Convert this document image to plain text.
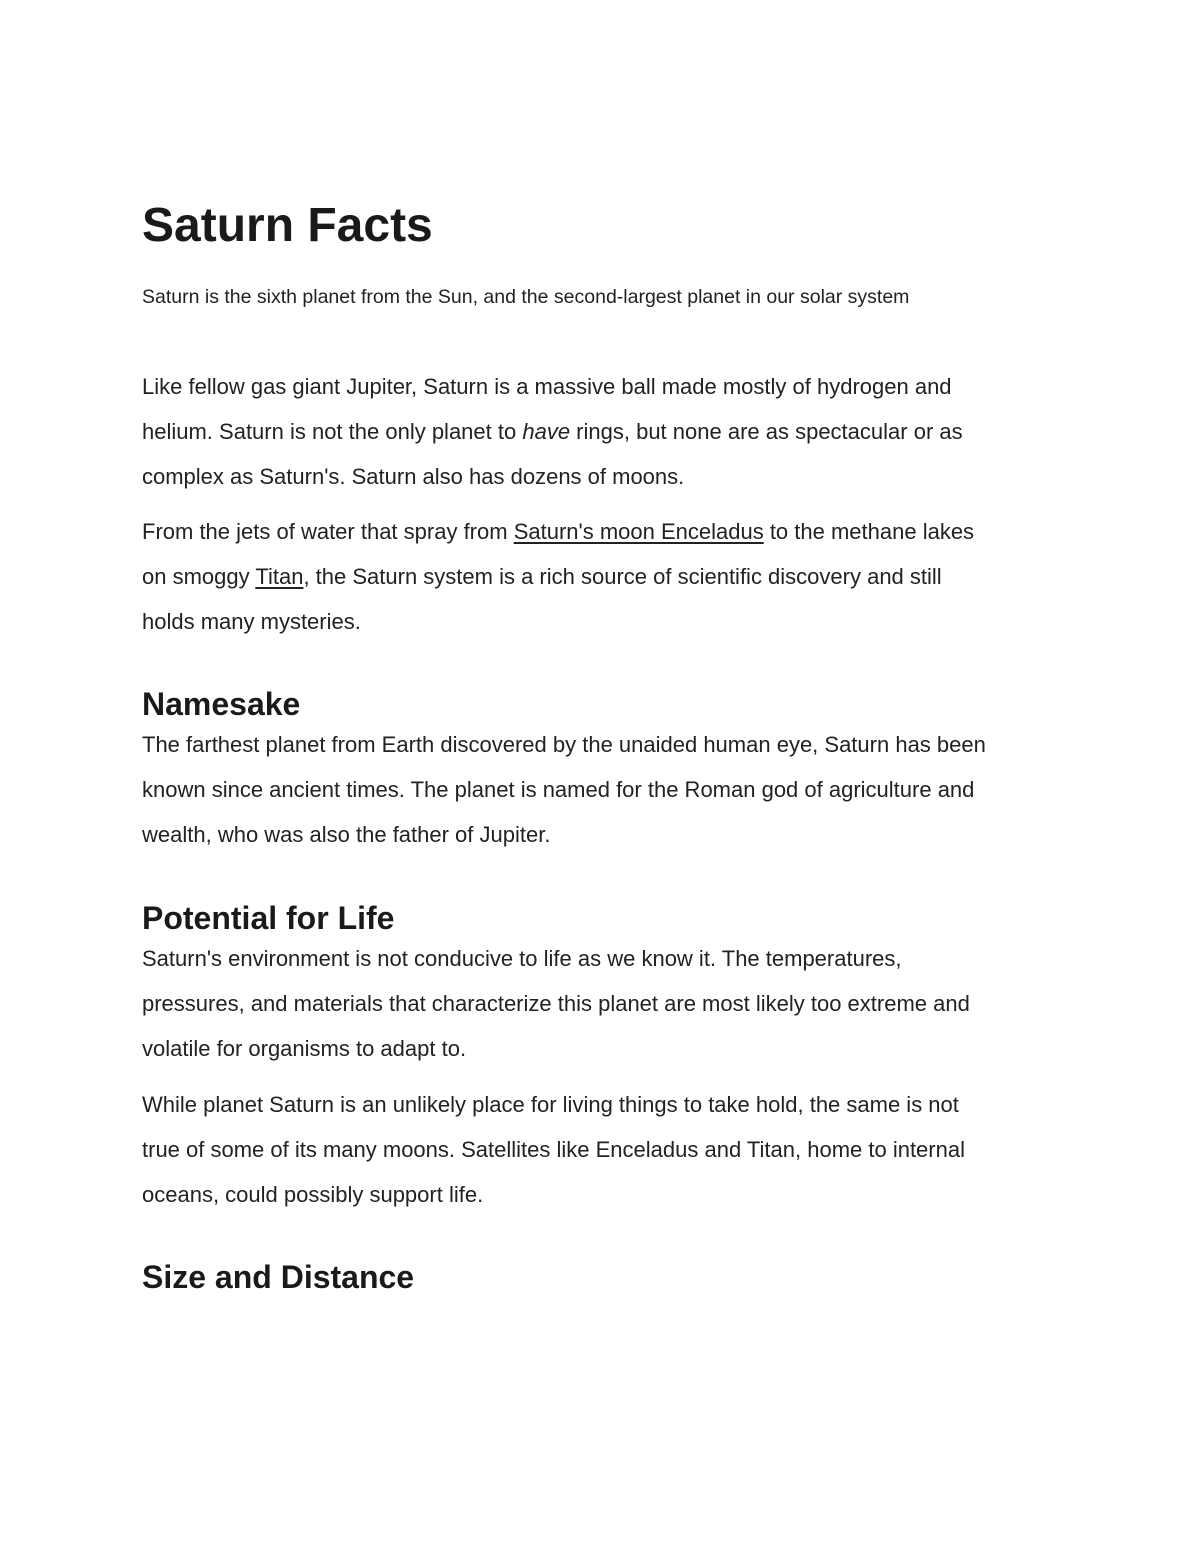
Saturn Facts

Saturn is the sixth planet from the Sun, and the second-largest planet in our solar system

Like fellow gas giant Jupiter, Saturn is a massive ball made mostly of hydrogen and
helium. Saturn is not the only planet to have rings, but none are as spectacular or as
complex as Saturn's. Saturn also has dozens of moons.

From the jets of water that spray from Saturn's moon Enceladus to the methane lakes
on smoggy Titan, the Saturn system is a rich source of scientific discovery and still
holds many mysteries.

Namesake

The farthest planet from Earth discovered by the unaided human eye, Saturn has been
known since ancient times. The planet is named for the Roman god of agriculture and
wealth, who was also the father of Jupiter.

Potential for Life

Saturn's environment is not conducive to life as we know it. The temperatures,
pressures, and materials that characterize this planet are most likely too extreme and
volatile for organisms to adapt to.

While planet Saturn is an unlikely place for living things to take hold, the same is not
true of some of its many moons. Satellites like Enceladus and Titan, home to internal
oceans, could possibly support life.

Size and Distance
